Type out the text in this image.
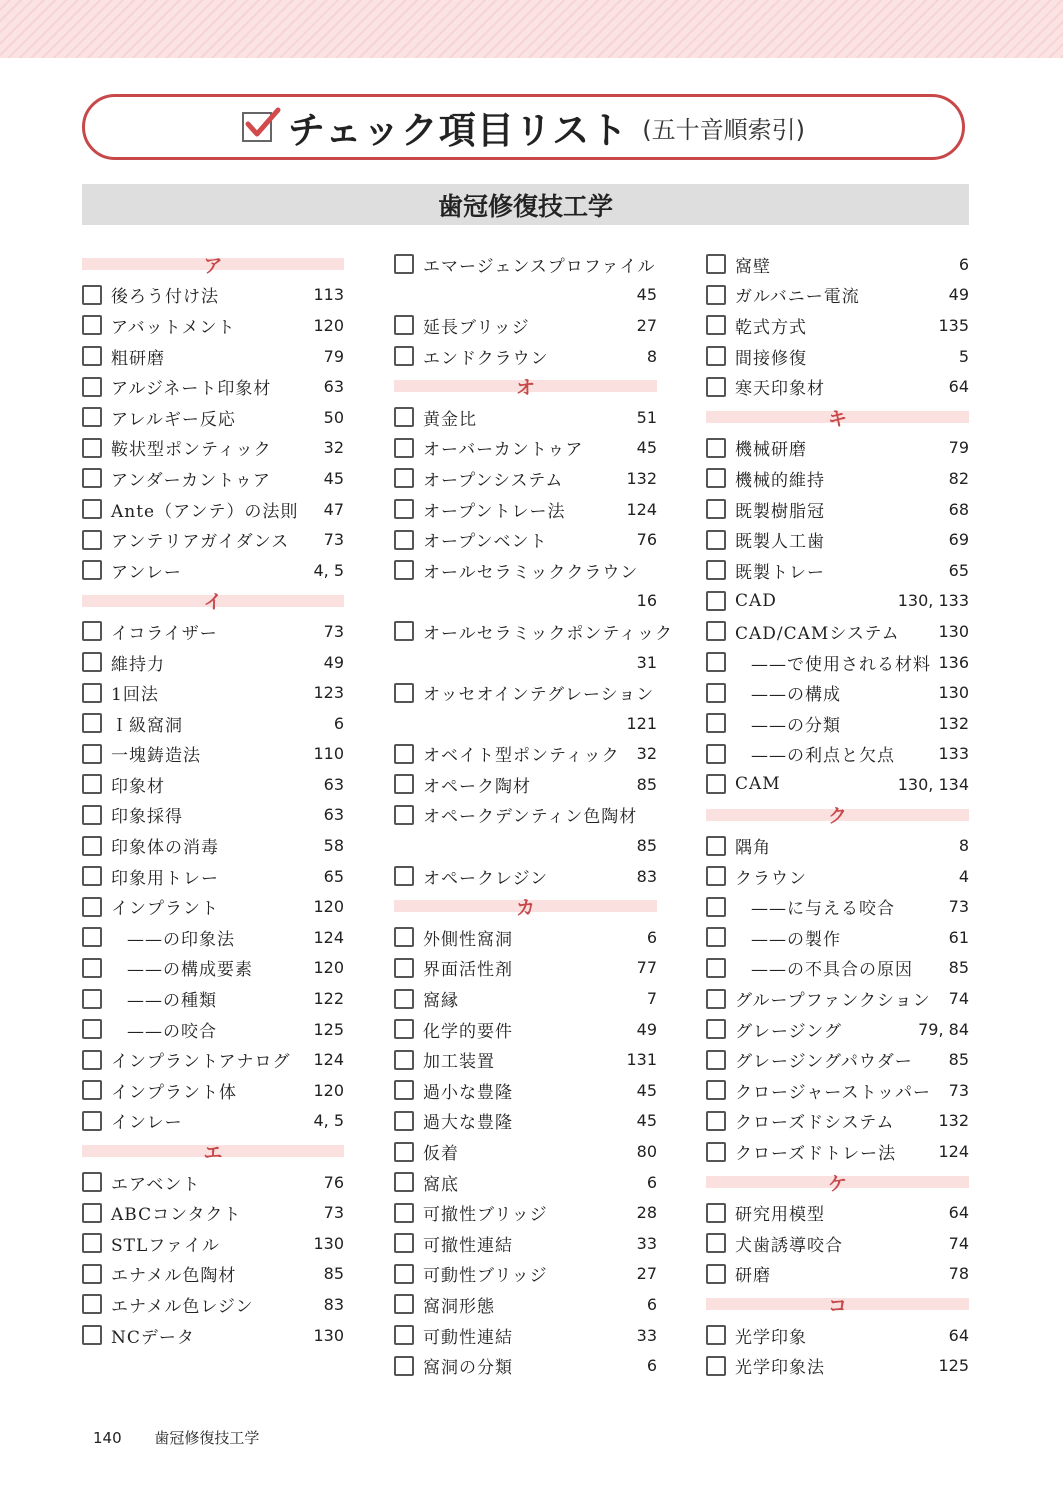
チェック項目リスト (五十音順索引)
歯冠修復技工学
ア
後ろう付け法	113
アバットメント	120
粗研磨	79
アルジネート印象材	63
アレルギー反応	50
鞍状型ポンティック	32
アンダーカントゥア	45
Ante（アンテ）の法則	47
アンテリアガイダンス	73
アンレー	4, 5
イ
イコライザー	73
維持力	49
1回法	123
Ｉ級窩洞	6
一塊鋳造法	110
印象材	63
印象採得	63
印象体の消毒	58
印象用トレー	65
インプラント	120
——の印象法	124
——の構成要素	120
——の種類	122
——の咬合	125
インプラントアナログ	124
インプラント体	120
インレー	4, 5
エ
エアベント	76
ABCコンタクト	73
STLファイル	130
エナメル色陶材	85
エナメル色レジン	83
NCデータ	130
エマージェンスプロファイル
45
延長ブリッジ	27
エンドクラウン	8
オ
黄金比	51
オーバーカントゥア	45
オープンシステム	132
オープントレー法	124
オープンベント	76
オールセラミッククラウン
16
オールセラミックポンティック
31
オッセオインテグレーション
121
オベイト型ポンティック	32
オペーク陶材	85
オペークデンティン色陶材
85
オペークレジン	83
カ
外側性窩洞	6
界面活性剤	77
窩縁	7
化学的要件	49
加工装置	131
過小な豊隆	45
過大な豊隆	45
仮着	80
窩底	6
可撤性ブリッジ	28
可撤性連結	33
可動性ブリッジ	27
窩洞形態	6
可動性連結	33
窩洞の分類	6
窩壁	6
ガルバニー電流	49
乾式方式	135
間接修復	5
寒天印象材	64
キ
機械研磨	79
機械的維持	82
既製樹脂冠	68
既製人工歯	69
既製トレー	65
CAD	130, 133
CAD/CAMシステム	130
——で使用される材料 136
——の構成	130
——の分類	132
——の利点と欠点	133
CAM	130, 134
ク
隅角	8
クラウン	4
——に与える咬合	73
——の製作	61
——の不具合の原因	85
グループファンクション	74
グレージング	79, 84
グレージングパウダー	85
クロージャーストッパー	73
クローズドシステム	132
クローズドトレー法	124
ケ
研究用模型	64
犬歯誘導咬合	74
研磨	78
コ
光学印象	64
光学印象法	125
140 歯冠修復技工学
